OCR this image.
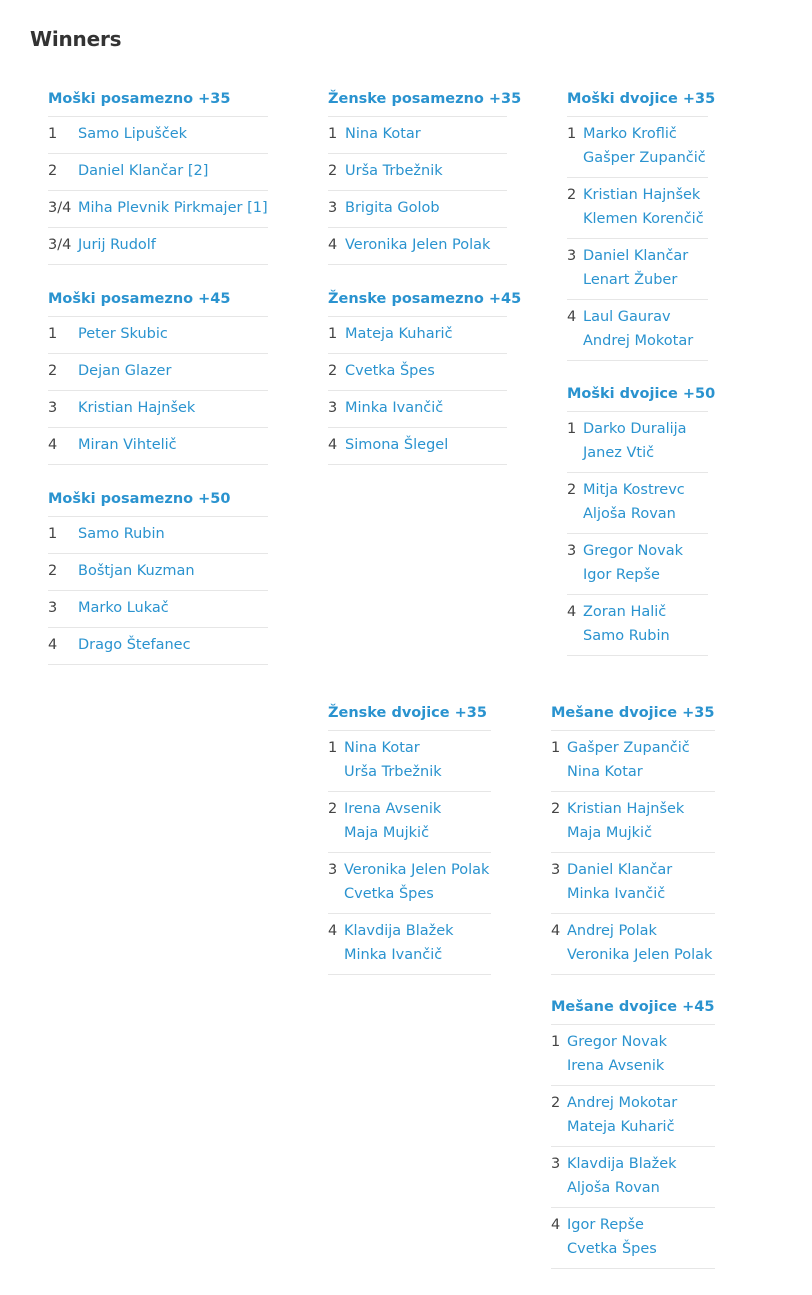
Winners
Moški posamezno +35
1	Samo Lipušček
2	Daniel Klančar [2]
3/4 Miha Plevnik Pirkmajer [1]
3/4 Jurij Rudolf
Moški posamezno +45
1	Peter Skubic
2	Dejan Glazer
3	Kristian Hajnšek
4	Miran Vihtelič
Moški posamezno +50
1	Samo Rubin
2	Boštjan Kuzman
3	Marko Lukač
4	Drago Štefanec
Ženske posamezno +35
1 Nina Kotar
2 Urša Trbežnik
3 Brigita Golob
4 Veronika Jelen Polak
Ženske posamezno +45
1 Mateja Kuharič
2 Cvetka Špes
3 Minka Ivančič
4 Simona Šlegel
Moški dvojice +35
1 Marko Kroflič
Gašper Zupančič
2 Kristian Hajnšek
Klemen Korenčič
3 Daniel Klančar
Lenart Žuber
4 Laul Gaurav
Andrej Mokotar
Moški dvojice +50
1 Darko Duralija
Janez Vtič
2 Mitja Kostrevc
Aljoša Rovan
3 Gregor Novak
Igor Repše
4 Zoran Halič
Samo Rubin
Ženske dvojice +35
1 Nina Kotar
Urša Trbežnik
2 Irena Avsenik
Maja Mujkič
3 Veronika Jelen Polak
Cvetka Špes
4 Klavdija Blažek
Minka Ivančič
Mešane dvojice +35
1 Gašper Zupančič
Nina Kotar
2 Kristian Hajnšek
Maja Mujkič
3 Daniel Klančar
Minka Ivančič
4 Andrej Polak
Veronika Jelen Polak
Mešane dvojice +45
1 Gregor Novak
Irena Avsenik
2 Andrej Mokotar
Mateja Kuharič
3 Klavdija Blažek
Aljoša Rovan
4 Igor Repše
Cvetka Špes
